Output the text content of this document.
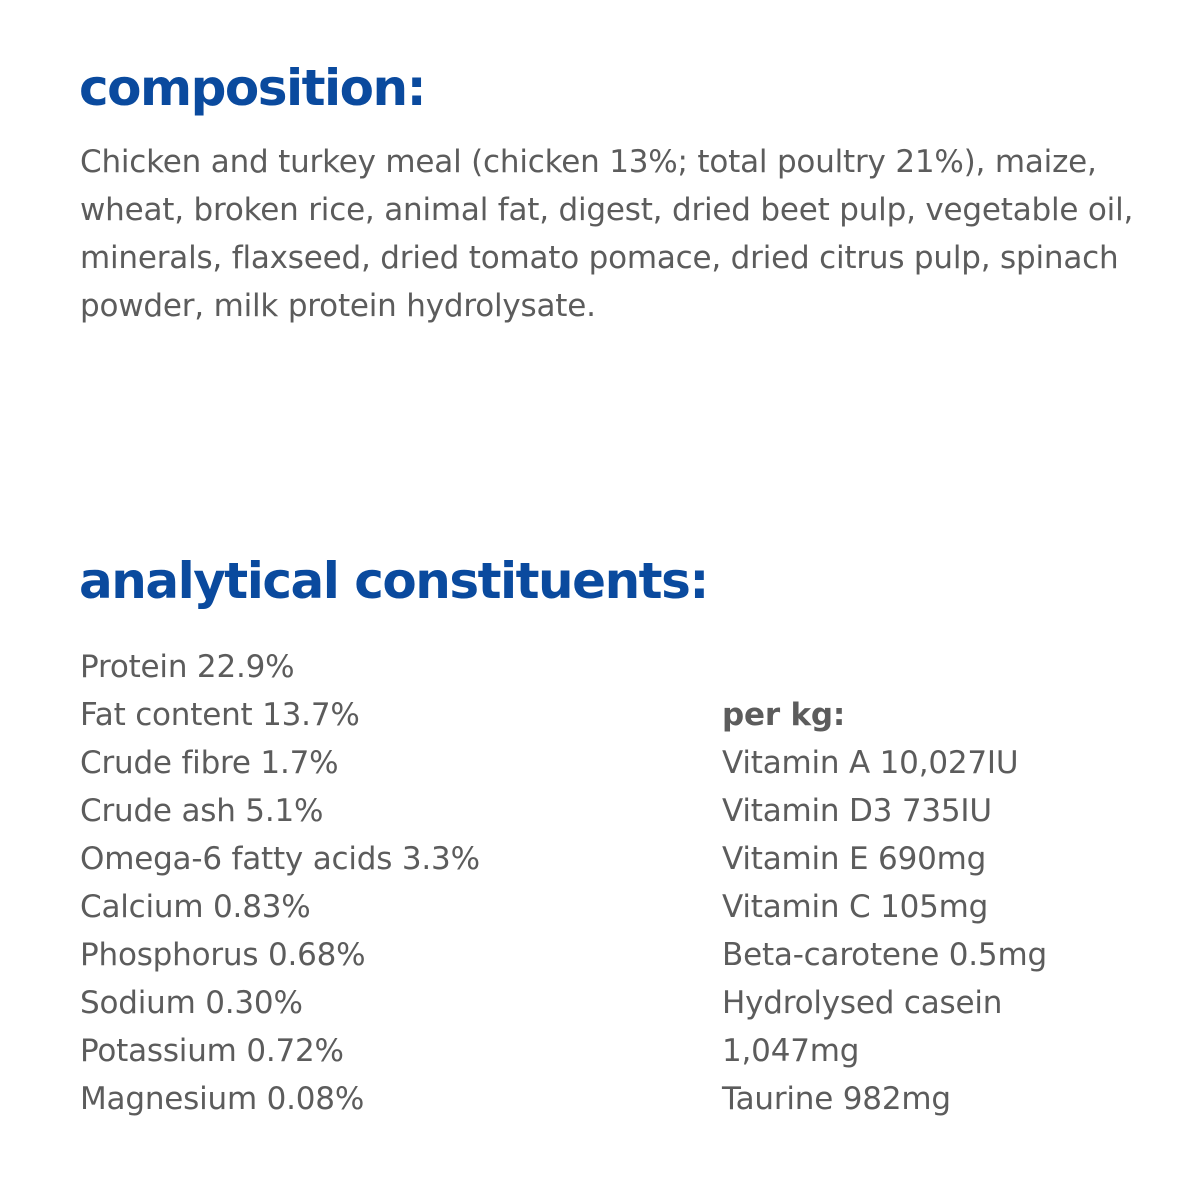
composition:

Chicken and turkey meal (chicken 13%; total poultry 21%), maize, wheat, broken rice, animal fat, digest, dried beet pulp, vegetable oil, minerals, flaxseed, dried tomato pomace, dried citrus pulp, spinach powder, milk protein hydrolysate.

analytical constituents:
Protein 22.9%
Fat content 13.7%
Crude fibre 1.7%
Crude ash 5.1%
Omega-6 fatty acids 3.3%
Calcium 0.83%
Phosphorus 0.68%
Sodium 0.30%
Potassium 0.72%
Magnesium 0.08%
per kg:
Vitamin A 10,027IU
Vitamin D3 735IU
Vitamin E 690mg
Vitamin C 105mg
Beta-carotene 0.5mg
Hydrolysed casein
1,047mg
Taurine 982mg
